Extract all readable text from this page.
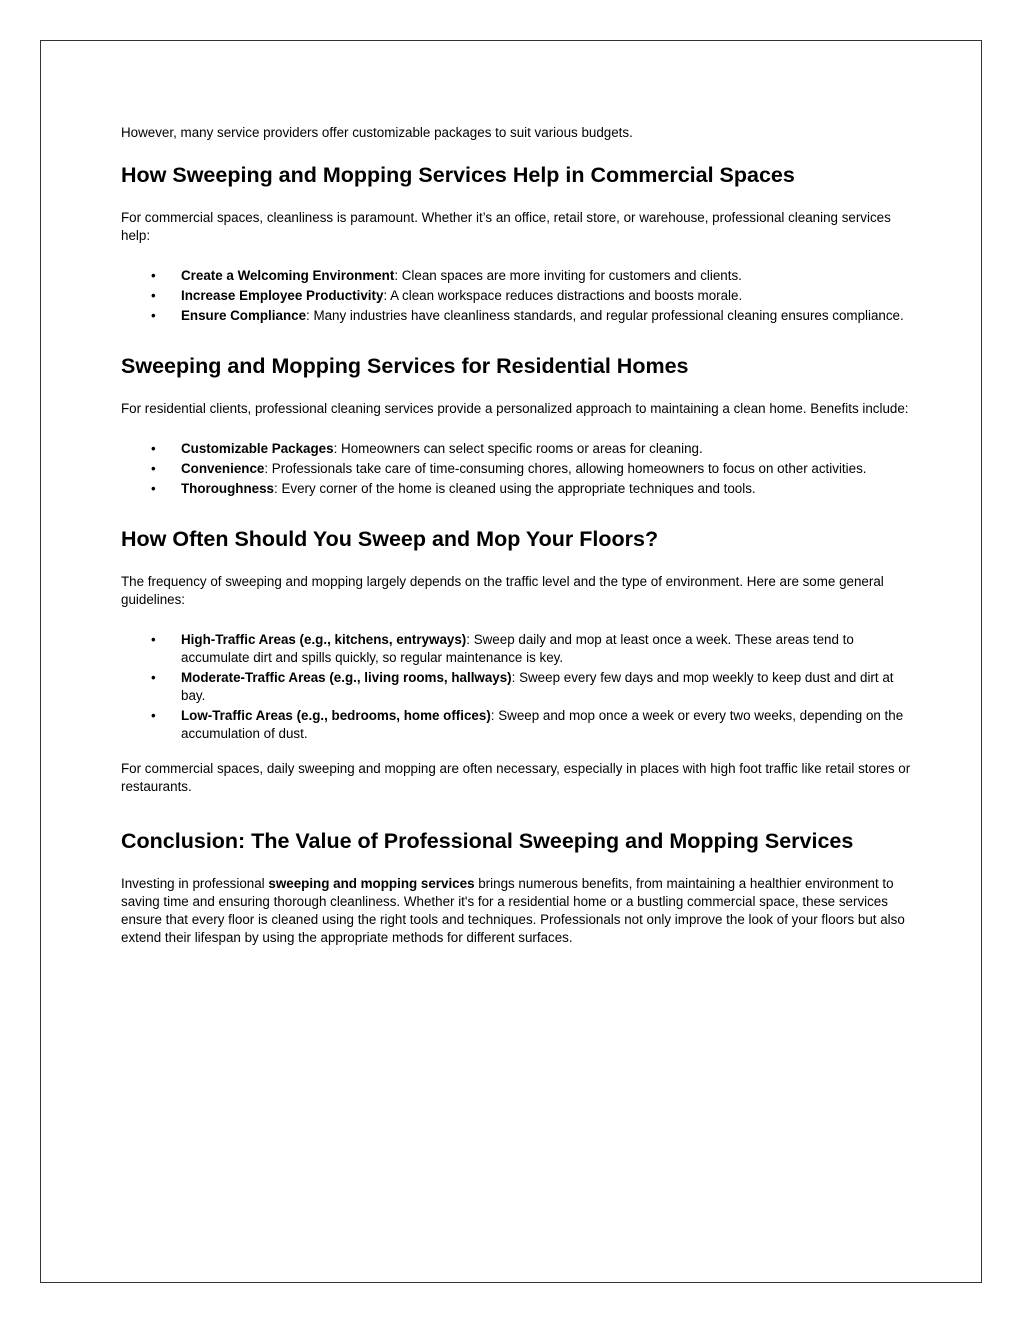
However, many service providers offer customizable packages to suit various budgets.

How Sweeping and Mopping Services Help in Commercial Spaces

For commercial spaces, cleanliness is paramount. Whether it’s an office, retail store, or warehouse, professional cleaning services help:

• Create a Welcoming Environment: Clean spaces are more inviting for customers and clients.
• Increase Employee Productivity: A clean workspace reduces distractions and boosts morale.
• Ensure Compliance: Many industries have cleanliness standards, and regular professional cleaning ensures compliance.
Sweeping and Mopping Services for Residential Homes

For residential clients, professional cleaning services provide a personalized approach to maintaining a clean home. Benefits include:

• Customizable Packages: Homeowners can select specific rooms or areas for cleaning.
• Convenience: Professionals take care of time-consuming chores, allowing homeowners to focus on other activities.
• Thoroughness: Every corner of the home is cleaned using the appropriate techniques and tools.
How Often Should You Sweep and Mop Your Floors?

The frequency of sweeping and mopping largely depends on the traffic level and the type of environment. Here are some general guidelines:

• High-Traffic Areas (e.g., kitchens, entryways): Sweep daily and mop at least once a week. These areas tend to accumulate dirt and spills quickly, so regular maintenance is key.
• Moderate-Traffic Areas (e.g., living rooms, hallways): Sweep every few days and mop weekly to keep dust and dirt at bay.
• Low-Traffic Areas (e.g., bedrooms, home offices): Sweep and mop once a week or every two weeks, depending on the accumulation of dust.

For commercial spaces, daily sweeping and mopping are often necessary, especially in places with high foot traffic like retail stores or restaurants.

Conclusion: The Value of Professional Sweeping and Mopping Services

Investing in professional sweeping and mopping services brings numerous benefits, from maintaining a healthier environment to saving time and ensuring thorough cleanliness. Whether it's for a residential home or a bustling commercial space, these services ensure that every floor is cleaned using the right tools and techniques. Professionals not only improve the look of your floors but also extend their lifespan by using the appropriate methods for different surfaces.
